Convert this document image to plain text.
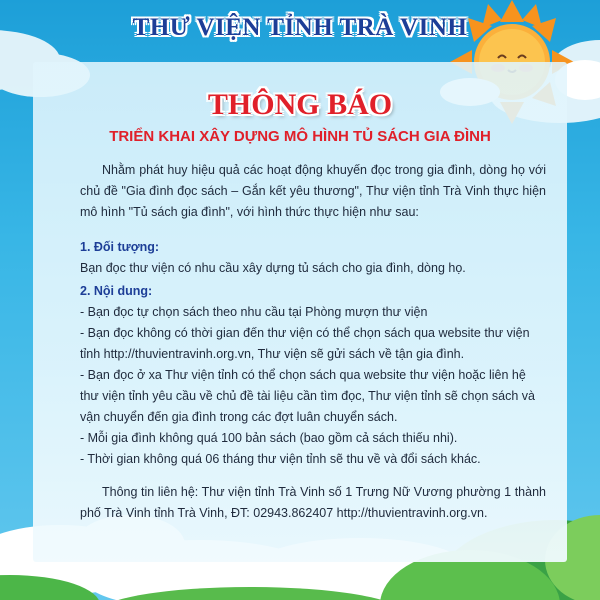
THƯ VIỆN TỈNH TRÀ VINH
THÔNG BÁO
TRIỂN KHAI XÂY DỰNG MÔ HÌNH TỦ SÁCH GIA ĐÌNH

Nhằm phát huy hiệu quả các hoạt động khuyến đọc trong gia đình, dòng họ với chủ đề "Gia đình đọc sách – Gắn kết yêu thương", Thư viện tỉnh Trà Vinh thực hiện mô hình "Tủ sách gia đình", với hình thức thực hiện như sau:

1. Đối tượng:

Bạn đọc thư viện có nhu cầu xây dựng tủ sách cho gia đình, dòng họ.

2. Nội dung:

- Bạn đọc tự chọn sách theo nhu cầu tại Phòng mượn thư viện

- Bạn đọc không có thời gian đến thư viện có thể chọn sách qua website thư viện tỉnh http://thuvientravinh.org.vn, Thư viện sẽ gửi sách về tận gia đình.

- Bạn đọc ở xa Thư viện tỉnh có thể chọn sách qua website thư viện hoặc liên hệ thư viện tỉnh yêu cầu về chủ đề tài liệu cần tìm đọc, Thư viện tỉnh sẽ chọn sách và vận chuyển đến gia đình trong các đợt luân chuyển sách.

- Mỗi gia đình không quá 100 bản sách (bao gồm cả sách thiếu nhi).

- Thời gian không quá 06 tháng thư viện tỉnh sẽ thu về và đổi sách khác.

Thông tin liên hệ: Thư viện tỉnh Trà Vinh số 1 Trưng Nữ Vương phường 1 thành phố Trà Vinh tỉnh Trà Vinh, ĐT: 02943.862407 http://thuvientravinh.org.vn.
